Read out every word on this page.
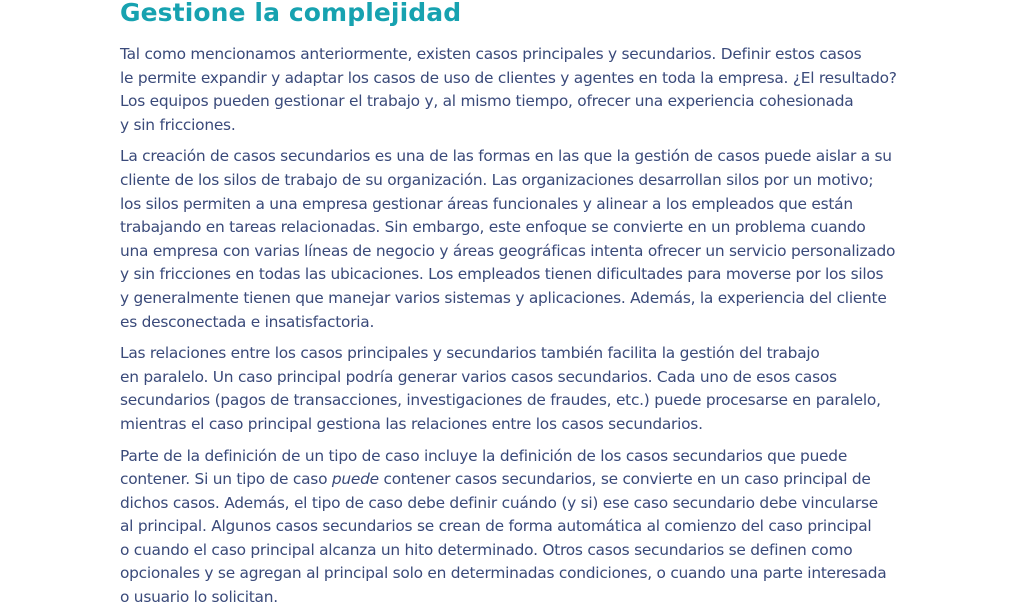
Gestione la complejidad

Tal como mencionamos anteriormente, existen casos principales y secundarios. Definir estos casos
le permite expandir y adaptar los casos de uso de clientes y agentes en toda la empresa. ¿El resultado?
Los equipos pueden gestionar el trabajo y, al mismo tiempo, ofrecer una experiencia cohesionada
y sin fricciones.

La creación de casos secundarios es una de las formas en las que la gestión de casos puede aislar a su
cliente de los silos de trabajo de su organización. Las organizaciones desarrollan silos por un motivo;
los silos permiten a una empresa gestionar áreas funcionales y alinear a los empleados que están
trabajando en tareas relacionadas. Sin embargo, este enfoque se convierte en un problema cuando
una empresa con varias líneas de negocio y áreas geográficas intenta ofrecer un servicio personalizado
y sin fricciones en todas las ubicaciones. Los empleados tienen dificultades para moverse por los silos
y generalmente tienen que manejar varios sistemas y aplicaciones. Además, la experiencia del cliente
es desconectada e insatisfactoria.

Las relaciones entre los casos principales y secundarios también facilita la gestión del trabajo
en paralelo. Un caso principal podría generar varios casos secundarios. Cada uno de esos casos
secundarios (pagos de transacciones, investigaciones de fraudes, etc.) puede procesarse en paralelo,
mientras el caso principal gestiona las relaciones entre los casos secundarios.

Parte de la definición de un tipo de caso incluye la definición de los casos secundarios que puede
contener. Si un tipo de caso puede contener casos secundarios, se convierte en un caso principal de
dichos casos. Además, el tipo de caso debe definir cuándo (y si) ese caso secundario debe vincularse
al principal. Algunos casos secundarios se crean de forma automática al comienzo del caso principal
o cuando el caso principal alcanza un hito determinado. Otros casos secundarios se definen como
opcionales y se agregan al principal solo en determinadas condiciones, o cuando una parte interesada
o usuario lo solicitan.
